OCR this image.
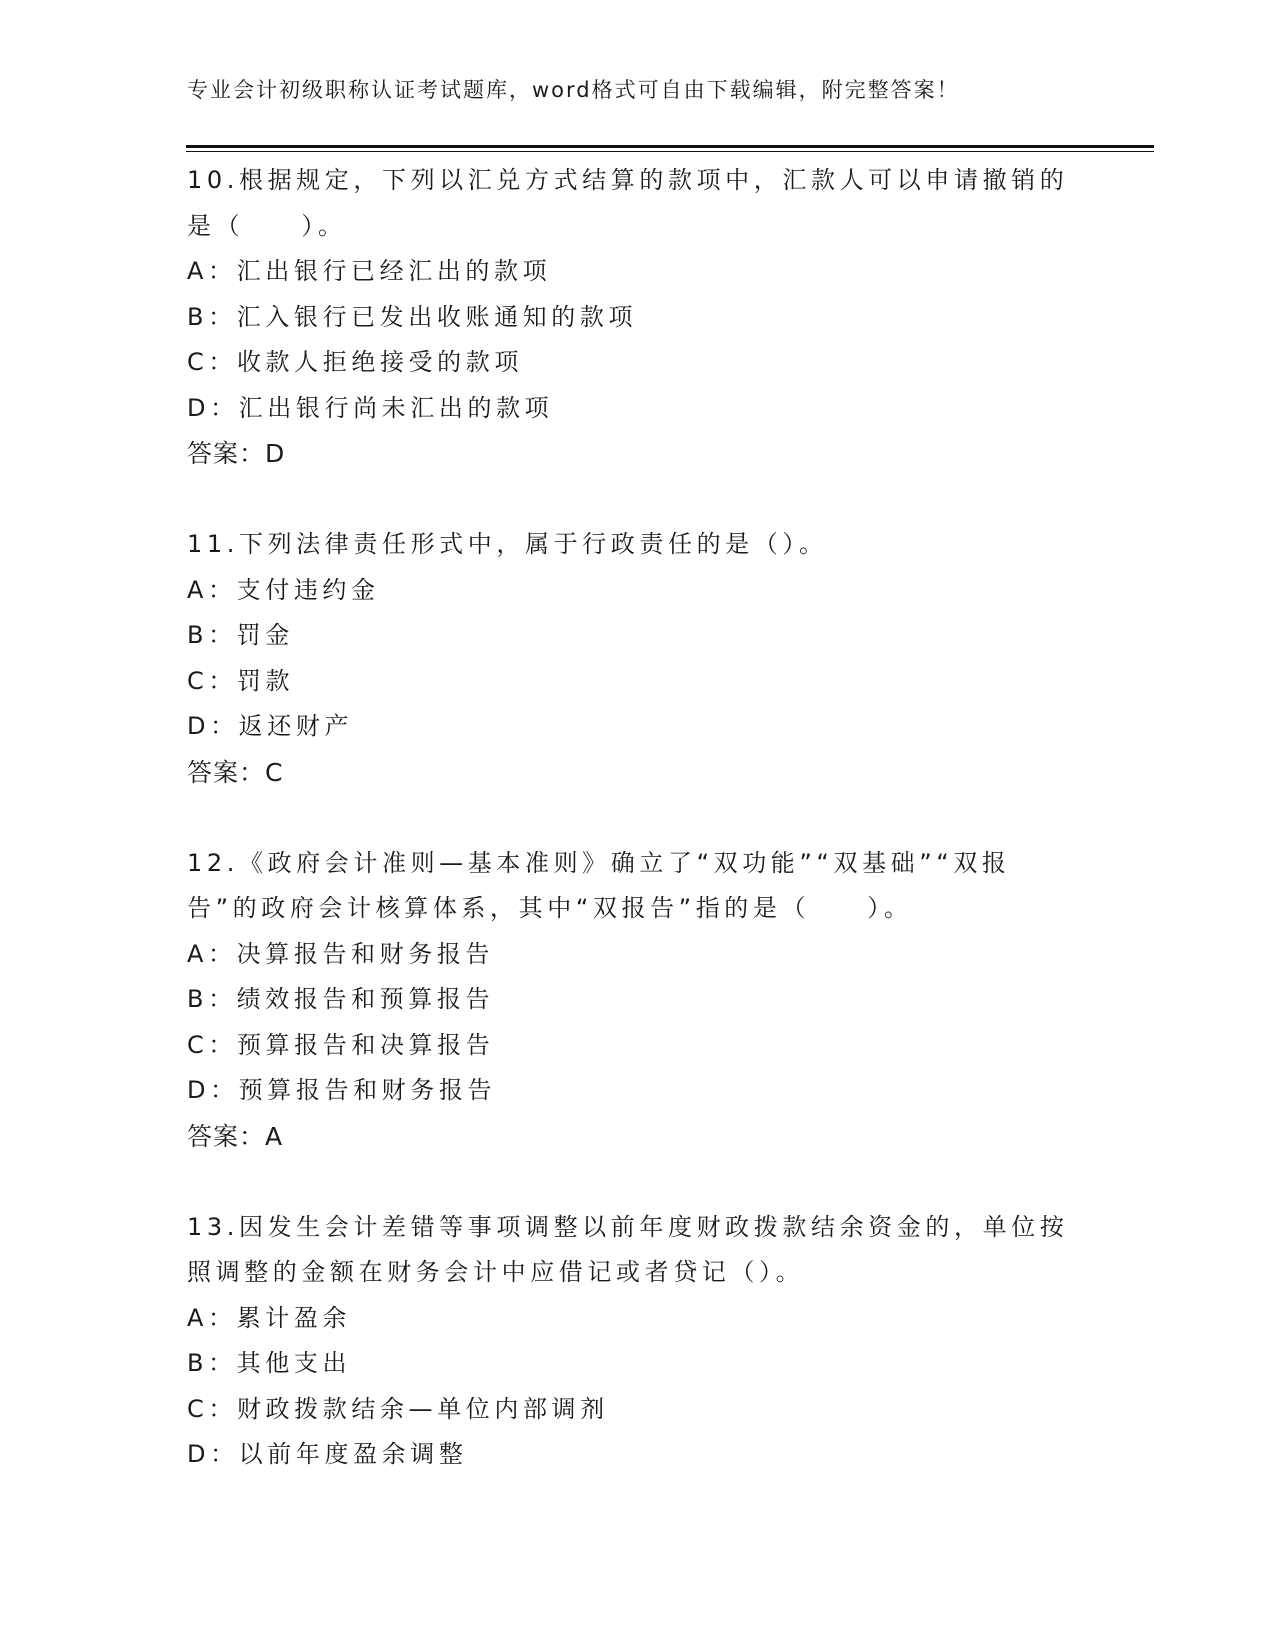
专业会计初级职称认证考试题库，word格式可自由下载编辑，附完整答案！
10.根据规定，下列以汇兑方式结算的款项中，汇款人可以申请撤销的
是（　　）。
A：汇出银行已经汇出的款项
B：汇入银行已发出收账通知的款项
C：收款人拒绝接受的款项
D：汇出银行尚未汇出的款项
答案：D
11.下列法律责任形式中，属于行政责任的是（）。
A：支付违约金
B：罚金
C：罚款
D：返还财产
答案：C
12.《政府会计准则—基本准则》确立了“双功能”“双基础”“双报
告”的政府会计核算体系，其中“双报告”指的是（　　）。
A：决算报告和财务报告
B：绩效报告和预算报告
C：预算报告和决算报告
D：预算报告和财务报告
答案：A
13.因发生会计差错等事项调整以前年度财政拨款结余资金的，单位按
照调整的金额在财务会计中应借记或者贷记（）。
A：累计盈余
B：其他支出
C：财政拨款结余—单位内部调剂
D：以前年度盈余调整
